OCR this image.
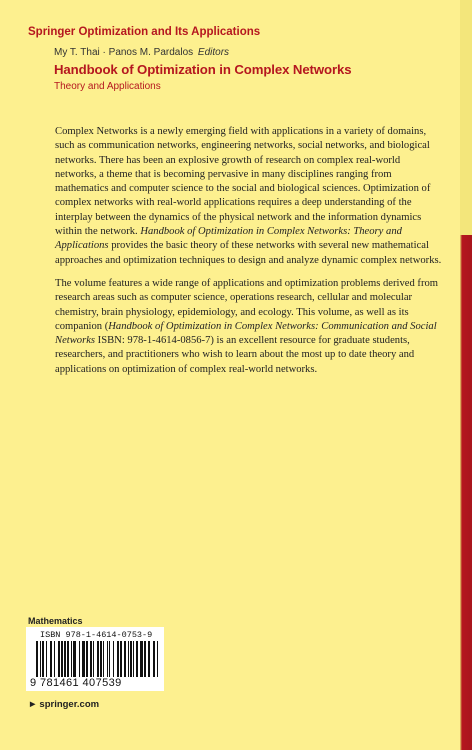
Springer Optimization and Its Applications
My T. Thai · Panos M. Pardalos Editors
Handbook of Optimization in Complex Networks
Theory and Applications

Complex Networks is a newly emerging field with applications in a variety of domains, such as communication networks, engineering networks, social networks, and biological networks. There has been an explosive growth of research on complex real-world networks, a theme that is becoming pervasive in many disciplines ranging from mathematics and computer science to the social and biological sciences. Optimization of complex networks with real-world applications requires a deep understanding of the interplay between the dynamics of the physical network and the information dynamics within the network. Handbook of Optimization in Complex Networks: Theory and Applications provides the basic theory of these networks with several new mathematical approaches and optimization techniques to design and analyze dynamic complex networks.

The volume features a wide range of applications and optimization problems derived from research areas such as computer science, operations research, cellular and molecular chemistry, brain physiology, epidemiology, and ecology. This volume, as well as its companion (Handbook of Optimization in Complex Networks: Communication and Social Networks ISBN: 978-1-4614-0856-7) is an excellent resource for graduate students, researchers, and practitioners who wish to learn about the most up to date theory and applications on optimization of complex real-world networks.

Mathematics
ISBN 978-1-4614-0753-9
9 781461 407539
► springer.com
